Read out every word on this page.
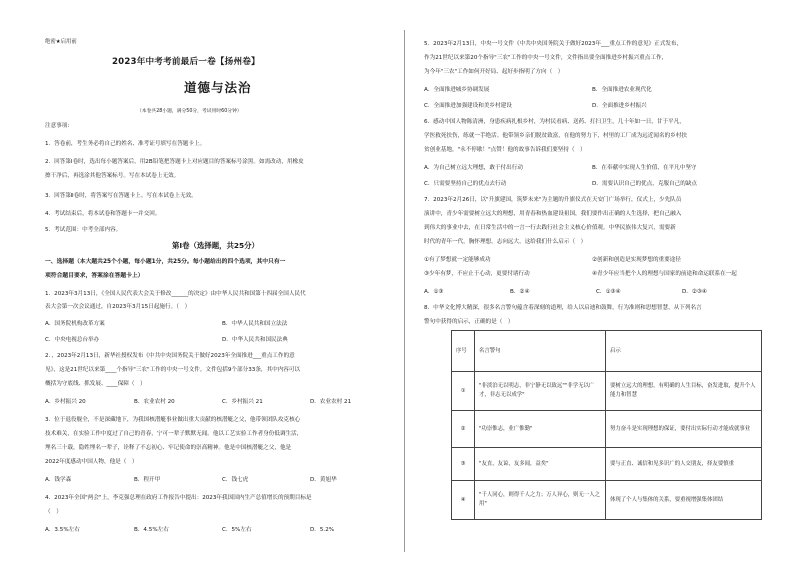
绝密★启用前
2023年中考考前最后一卷【扬州卷】
道德与法治
（本卷共28小题，满分50分，考试用时60分钟）
注意事项:
1．答卷前，考生务必将自己的姓名、准考证号填写在答题卡上。
2．回答第Ⅰ卷时，选出每小题答案后，用2B铅笔把答题卡上对应题目的答案标号涂黑。如需改动，用橡皮
擦干净后，再选涂其他答案标号。写在本试卷上无效。
3．回答第Ⅱ卷时，将答案写在答题卡上。写在本试卷上无效。
4．考试结束后，将本试卷和答题卡一并交回。
5．考试范围：中考全部内容。
第Ⅰ卷（选择题，共25分）
一、选择题（本大题共25个小题，每小题1分，共25分。每小题给出的四个选项，其中只有一
项符合题目要求，答案涂在答题卡上）
1．2023年3月13日，《全国人民代表大会关于修改______的决定》由中华人民共和国第十四届全国人民代
表大会第一次会议通过，自2023年3月15日起施行。（　）
A．国务院机构改革方案	B．中华人民共和国立法法
C．中央电视总台举办	D．中华人民共和国民法典
2．，2023年2月13日，新华社授权发布《中共中央国务院关于做好2023年全面推进___重点工作的意
见》，这是21世纪以来第____个指导"三农"工作的中央一号文件。文件包括9个部分33条，其中内容可以
概括为守底线、抓发展、____保障（　）
A．乡村振兴 20	B．农业农村 20	C．乡村振兴 21	D．农业农村 21
3．位于退役舰全，不是深藏地下，为我国核潜艇事业做出重大贡献的核潜艇之父，他带领团队攻克核心
技术难关，在实验工作中度过了自己的青春，宁可一辈子默默无闻。他以工艺实验工作者身份低调生活，
埋名三十载，隐姓埋名一辈子，诠释了不忘初心、牢记使命的崇高精神。他是中国核潜艇之父，他是
2022年度感动中国人物，他是（　）
A．钱学森	B．程开甲	C．钱七虎	D．黄旭华
4．2023年全国"两会"上，李克强总理在政府工作报告中提出：2023年我国国内生产总值增长的预期目标是
（　）
A．3.5%左右	B．4.5%左右	C．5%左右	D．5.2%
5．2023年2月13日，中央一号文件《中共中央国务院关于做好2023年___重点工作的意见》正式发布，
作为21世纪以来第20个指导"三农"工作的中央一号文件，文件指出要全面推进乡村振兴重点工作，
为今年"三农"工作如何开好局、起好步指明了方向（　）
A．全面推进城乡协调发展	B．全面推进农业现代化
C．全面推进加强建设和美乡村建设	D．全面推进乡村振兴
6．感动中国人物陈清洲，身患疾病扎根乡村，为村民看病、送药、打扫卫生，几十年如一日，甘于平凡，
学医救死扶伤，练就一手绝活。他带领乡亲们脱贫致富，在他的努力下，村里的工厂成为远近闻名的乡村扶
贫创业基地，"永不停歇！"点赞！他的故事告诉我们要坚持（　）
A．为自己树立远大理想，敢于付出行动	B．在奉献中实现人生价值，在平凡中坚守
C．只需要坚持自己的优点去行动	D．需要认识自己的优点，克服自己的缺点
7．2023年2月26日，以"升旗建国，筑梦未来"为主题的升旗仪式在天安门广场举行，仪式上，少先队员
演讲中，青少年需要树立远大的理想，用青春和热血建设祖国，我们要作出正确的人生选择，把自己融入
到伟大的事业中去，在日常生活中的一言一行去践行社会主义核心价值观。中华民族伟大复兴，需要新
时代的青年一代，胸怀理想，志向远大，这给我们什么启示（　）
①有了梦想就一定能够成功	②创新和创造是实现梦想的重要途径
③少年有梦，不应止于心动，更要付诸行动	④青少年应当把个人的理想与国家的前途和命运联系在一起
A．①③	B．②④	C．①③④	D．②③④
8．中华文化博大精深，很多名言警句蕴含着深刻的道理，给人以启迪和鼓舞，行为准则和思想智慧，从下列名言
警句中获得的启示，正确的是（　）
序号	名言警句	启示
①	"非淡泊无以明志，非宁静无以致远""非学无以广才，非志无以成学"	要树立远大的理想，有明确的人生目标，奋发进取，提升个人能力和智慧
②	"功崇惟志，业广惟勤"	努力奋斗是实现理想的保证，要付出实际行动才能成就事业
③	"友直，友谅，友多闻，益矣"	要与正直、诚信和见多识广的人交朋友，择友要慎重
④	"千人同心，则得千人之力；万人异心，则无一人之用"	体现了个人与集体的关系，要重视增强集体团结
